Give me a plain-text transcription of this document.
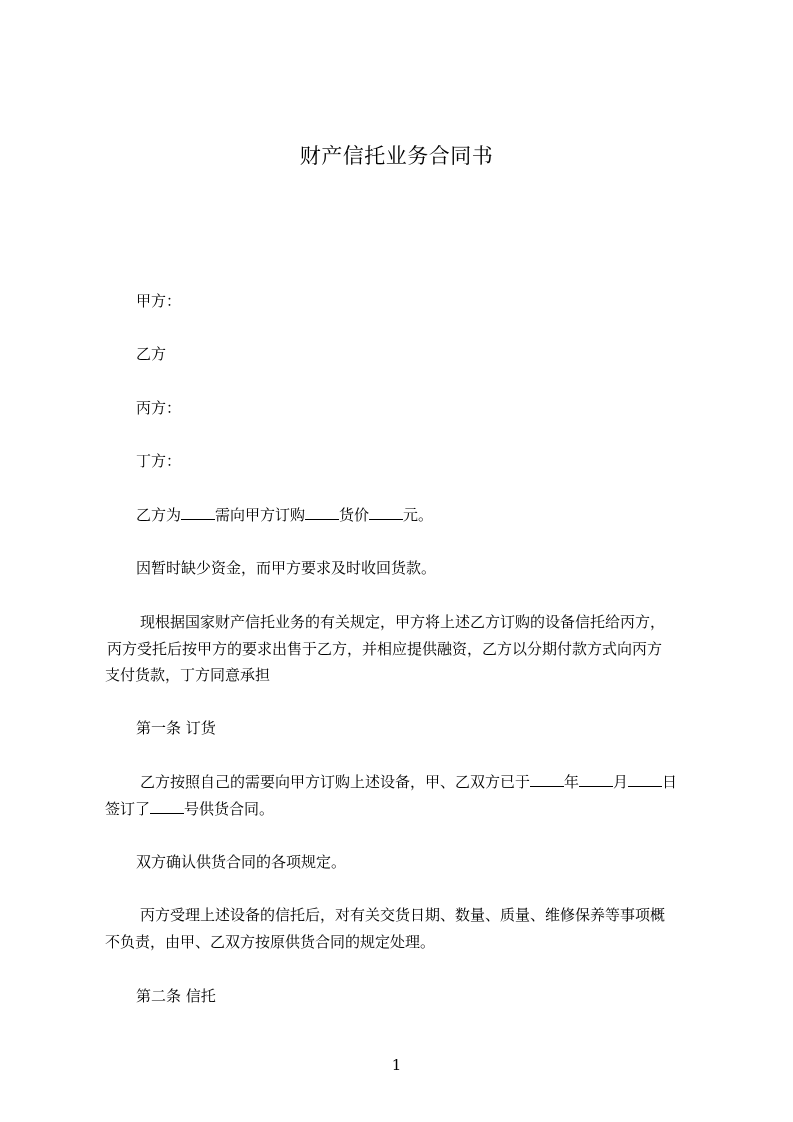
财产信托业务合同书
甲方：
乙方
丙方：
丁方：
乙方为 需向甲方订购 货价 元。
因暂时缺少资金，而甲方要求及时收回货款。
现根据国家财产信托业务的有关规定，甲方将上述乙方订购的设备信托给丙方，
丙方受托后按甲方的要求出售于乙方，并相应提供融资，乙方以分期付款方式向丙方
支付货款，丁方同意承担
第一条 订货
乙方按照自己的需要向甲方订购上述设备，甲、乙双方已于 年 月 日
签订了 号供货合同。
双方确认供货合同的各项规定。
丙方受理上述设备的信托后，对有关交货日期、数量、质量、维修保养等事项概
不负责，由甲、乙双方按原供货合同的规定处理。
第二条 信托
1
